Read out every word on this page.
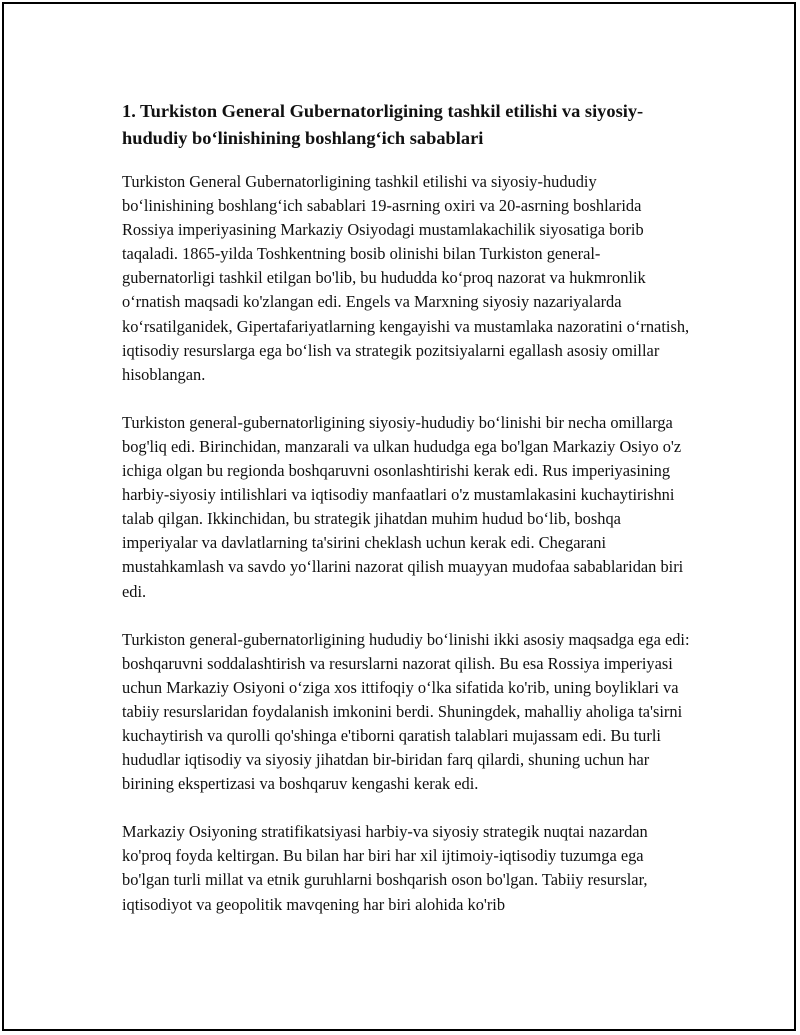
1. Turkiston General Gubernatorligining tashkil etilishi va siyosiy-hududiy bo‘linishining boshlang‘ich sabablari

Turkiston General Gubernatorligining tashkil etilishi va siyosiy-hududiy bo‘linishining boshlang‘ich sabablari 19-asrning oxiri va 20-asrning boshlarida Rossiya imperiyasining Markaziy Osiyodagi mustamlakachilik siyosatiga borib taqaladi. 1865-yilda Toshkentning bosib olinishi bilan Turkiston general-gubernatorligi tashkil etilgan bo'lib, bu hududda ko‘proq nazorat va hukmronlik o‘rnatish maqsadi ko'zlangan edi. Engels va Marxning siyosiy nazariyalarda ko‘rsatilganidek, Gipertafariyatlarning kengayishi va mustamlaka nazoratini o‘rnatish, iqtisodiy resurslarga ega bo‘lish va strategik pozitsiyalarni egallash asosiy omillar hisoblangan.

Turkiston general-gubernatorligining siyosiy-hududiy bo‘linishi bir necha omillarga bog'liq edi. Birinchidan, manzarali va ulkan hududga ega bo'lgan Markaziy Osiyo o'z ichiga olgan bu regionda boshqaruvni osonlashtirishi kerak edi. Rus imperiyasining harbiy-siyosiy intilishlari va iqtisodiy manfaatlari o'z mustamlakasini kuchaytirishni talab qilgan. Ikkinchidan, bu strategik jihatdan muhim hudud bo‘lib, boshqa imperiyalar va davlatlarning ta'sirini cheklash uchun kerak edi. Chegarani mustahkamlash va savdo yo‘llarini nazorat qilish muayyan mudofaa sabablaridan biri edi.

Turkiston general-gubernatorligining hududiy bo‘linishi ikki asosiy maqsadga ega edi: boshqaruvni soddalashtirish va resurslarni nazorat qilish. Bu esa Rossiya imperiyasi uchun Markaziy Osiyoni o‘ziga xos ittifoqiy o‘lka sifatida ko'rib, uning boyliklari va tabiiy resurslaridan foydalanish imkonini berdi. Shuningdek, mahalliy aholiga ta'sirni kuchaytirish va qurolli qo'shinga e'tiborni qaratish talablari mujassam edi. Bu turli hududlar iqtisodiy va siyosiy jihatdan bir-biridan farq qilardi, shuning uchun har birining ekspertizasi va boshqaruv kengashi kerak edi.

Markaziy Osiyoning stratifikatsiyasi harbiy-va siyosiy strategik nuqtai nazardan ko'proq foyda keltirgan. Bu bilan har biri har xil ijtimoiy-iqtisodiy tuzumga ega bo'lgan turli millat va etnik guruhlarni boshqarish oson bo'lgan. Tabiiy resurslar, iqtisodiyot va geopolitik mavqening har biri alohida ko'rib
